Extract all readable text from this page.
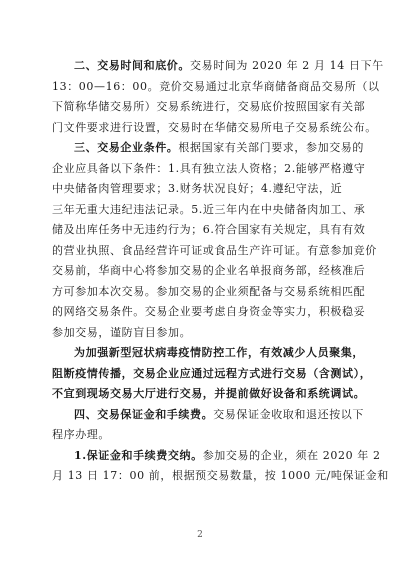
二、交易时间和底价。交易时间为 2020 年 2 月 14 日下午
13：00—16：00。竞价交易通过北京华商储备商品交易所（以
下简称华储交易所）交易系统进行，交易底价按照国家有关部
门文件要求进行设置，交易时在华储交易所电子交易系统公布。
三、交易企业条件。根据国家有关部门要求，参加交易的
企业应具备以下条件：1.具有独立法人资格；2.能够严格遵守
中央储备肉管理要求；3.财务状况良好；4.遵纪守法，近
三年无重大违纪违法记录。5.近三年内在中央储备肉加工、承
储及出库任务中无违约行为；6.符合国家有关规定，具有有效
的营业执照、食品经营许可证或食品生产许可证。有意参加竞价
交易前，华商中心将参加交易的企业名单报商务部，经核准后
方可参加本次交易。参加交易的企业须配备与交易系统相匹配
的网络交易条件。交易企业要考虑自身资金等实力，积极稳妥
参加交易，谨防盲目参加。
为加强新型冠状病毒疫情防控工作，有效减少人员聚集，
阻断疫情传播，交易企业应通过远程方式进行交易（含测试），
不宜到现场交易大厅进行交易，并提前做好设备和系统调试。
四、交易保证金和手续费。交易保证金收取和退还按以下
程序办理。
1.保证金和手续费交纳。参加交易的企业，须在 2020 年 2
月 13 日 17：00 前，根据预交易数量，按 1000 元/吨保证金和
2
